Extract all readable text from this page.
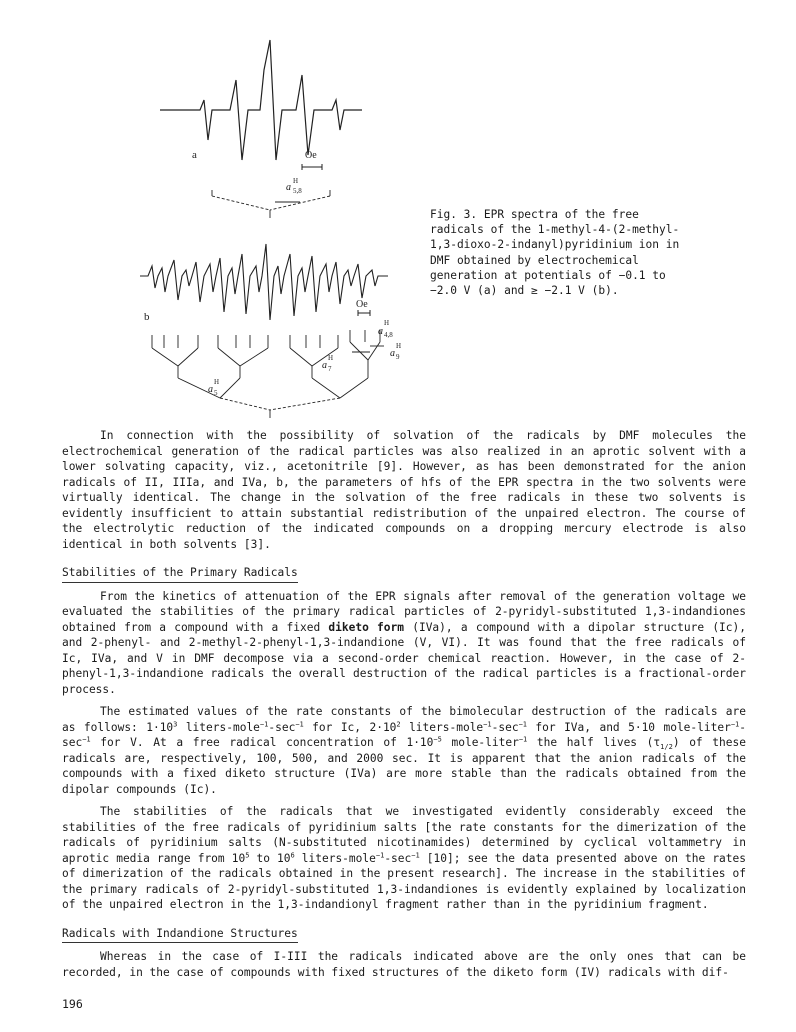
a	Oe
a
H
5,8
b
Oe
a
H
4,8
a
H
9
a
H
7
a
H
5
Fig. 3. EPR spectra of the free radicals of the 1-methyl-4-(2-methyl-1,3-dioxo-2-indanyl)pyridinium ion in DMF obtained by electrochemical generation at potentials of −0.1 to −2.0 V (a) and ≥ −2.1 V (b).

In connection with the possibility of solvation of the radicals by DMF molecules the electrochemical generation of the radical particles was also realized in an aprotic solvent with a lower solvating capacity, viz., acetonitrile [9]. However, as has been demonstrated for the anion radicals of II, IIIa, and IVa, b, the parameters of hfs of the EPR spectra in the two solvents were virtually identical. The change in the solvation of the free radicals in these two solvents is evidently insufficient to attain substantial redistribution of the unpaired electron. The course of the electrolytic reduction of the indicated compounds on a dropping mercury electrode is also identical in both solvents [3].

Stabilities of the Primary Radicals

From the kinetics of attenuation of the EPR signals after removal of the generation voltage we evaluated the stabilities of the primary radical particles of 2-pyridyl-substituted 1,3-indandiones obtained from a compound with a fixed diketo form (IVa), a compound with a dipolar structure (Ic), and 2-phenyl- and 2-methyl-2-phenyl-1,3-indandione (V, VI). It was found that the free radicals of Ic, IVa, and V in DMF decompose via a second-order chemical reaction. However, in the case of 2-phenyl-1,3-indandione radicals the overall destruction of the radical particles is a fractional-order process.

The estimated values of the rate constants of the bimolecular destruction of the radicals are as follows: $1\cdot 10^3$ liters-$mole^{-1}-\sec^{-1}$ for Ic, $2\cdot 10^2$ liters-$mole^{-1}-\sec^{-1}$ for IVa, and 5·10 mole-$liter^{-1}-\sec^{-1}$ for V. At a free radical concentration of $1\cdot 10^{-5}$ mole-liter$^{-1}$ the half lives $(\tau_{1/2})$ of these radicals are, respectively, 100, 500, and 2000 sec. It is apparent that the anion radicals of the compounds with a fixed diketo structure (IVa) are more stable than the radicals obtained from the dipolar compounds (Ic).

The stabilities of the radicals that we investigated evidently considerably exceed the stabilities of the free radicals of pyridinium salts [the rate constants for the dimerization of the radicals of pyridinium salts (N-substituted nicotinamides) determined by cyclical voltammetry in aprotic media range from $10^5$ to $10^6$ liters-$mole^{-1}-\sec^{-1}$ [10]; see the data presented above on the rates of dimerization of the radicals obtained in the present research]. The increase in the stabilities of the primary radicals of 2-pyridyl-substituted 1,3-indandiones is evidently explained by localization of the unpaired electron in the 1,3-indandionyl fragment rather than in the pyridinium fragment.

Radicals with Indandione Structures

Whereas in the case of I-III the radicals indicated above are the only ones that can be recorded, in the case of compounds with fixed structures of the diketo form (IV) radicals with dif-

196
